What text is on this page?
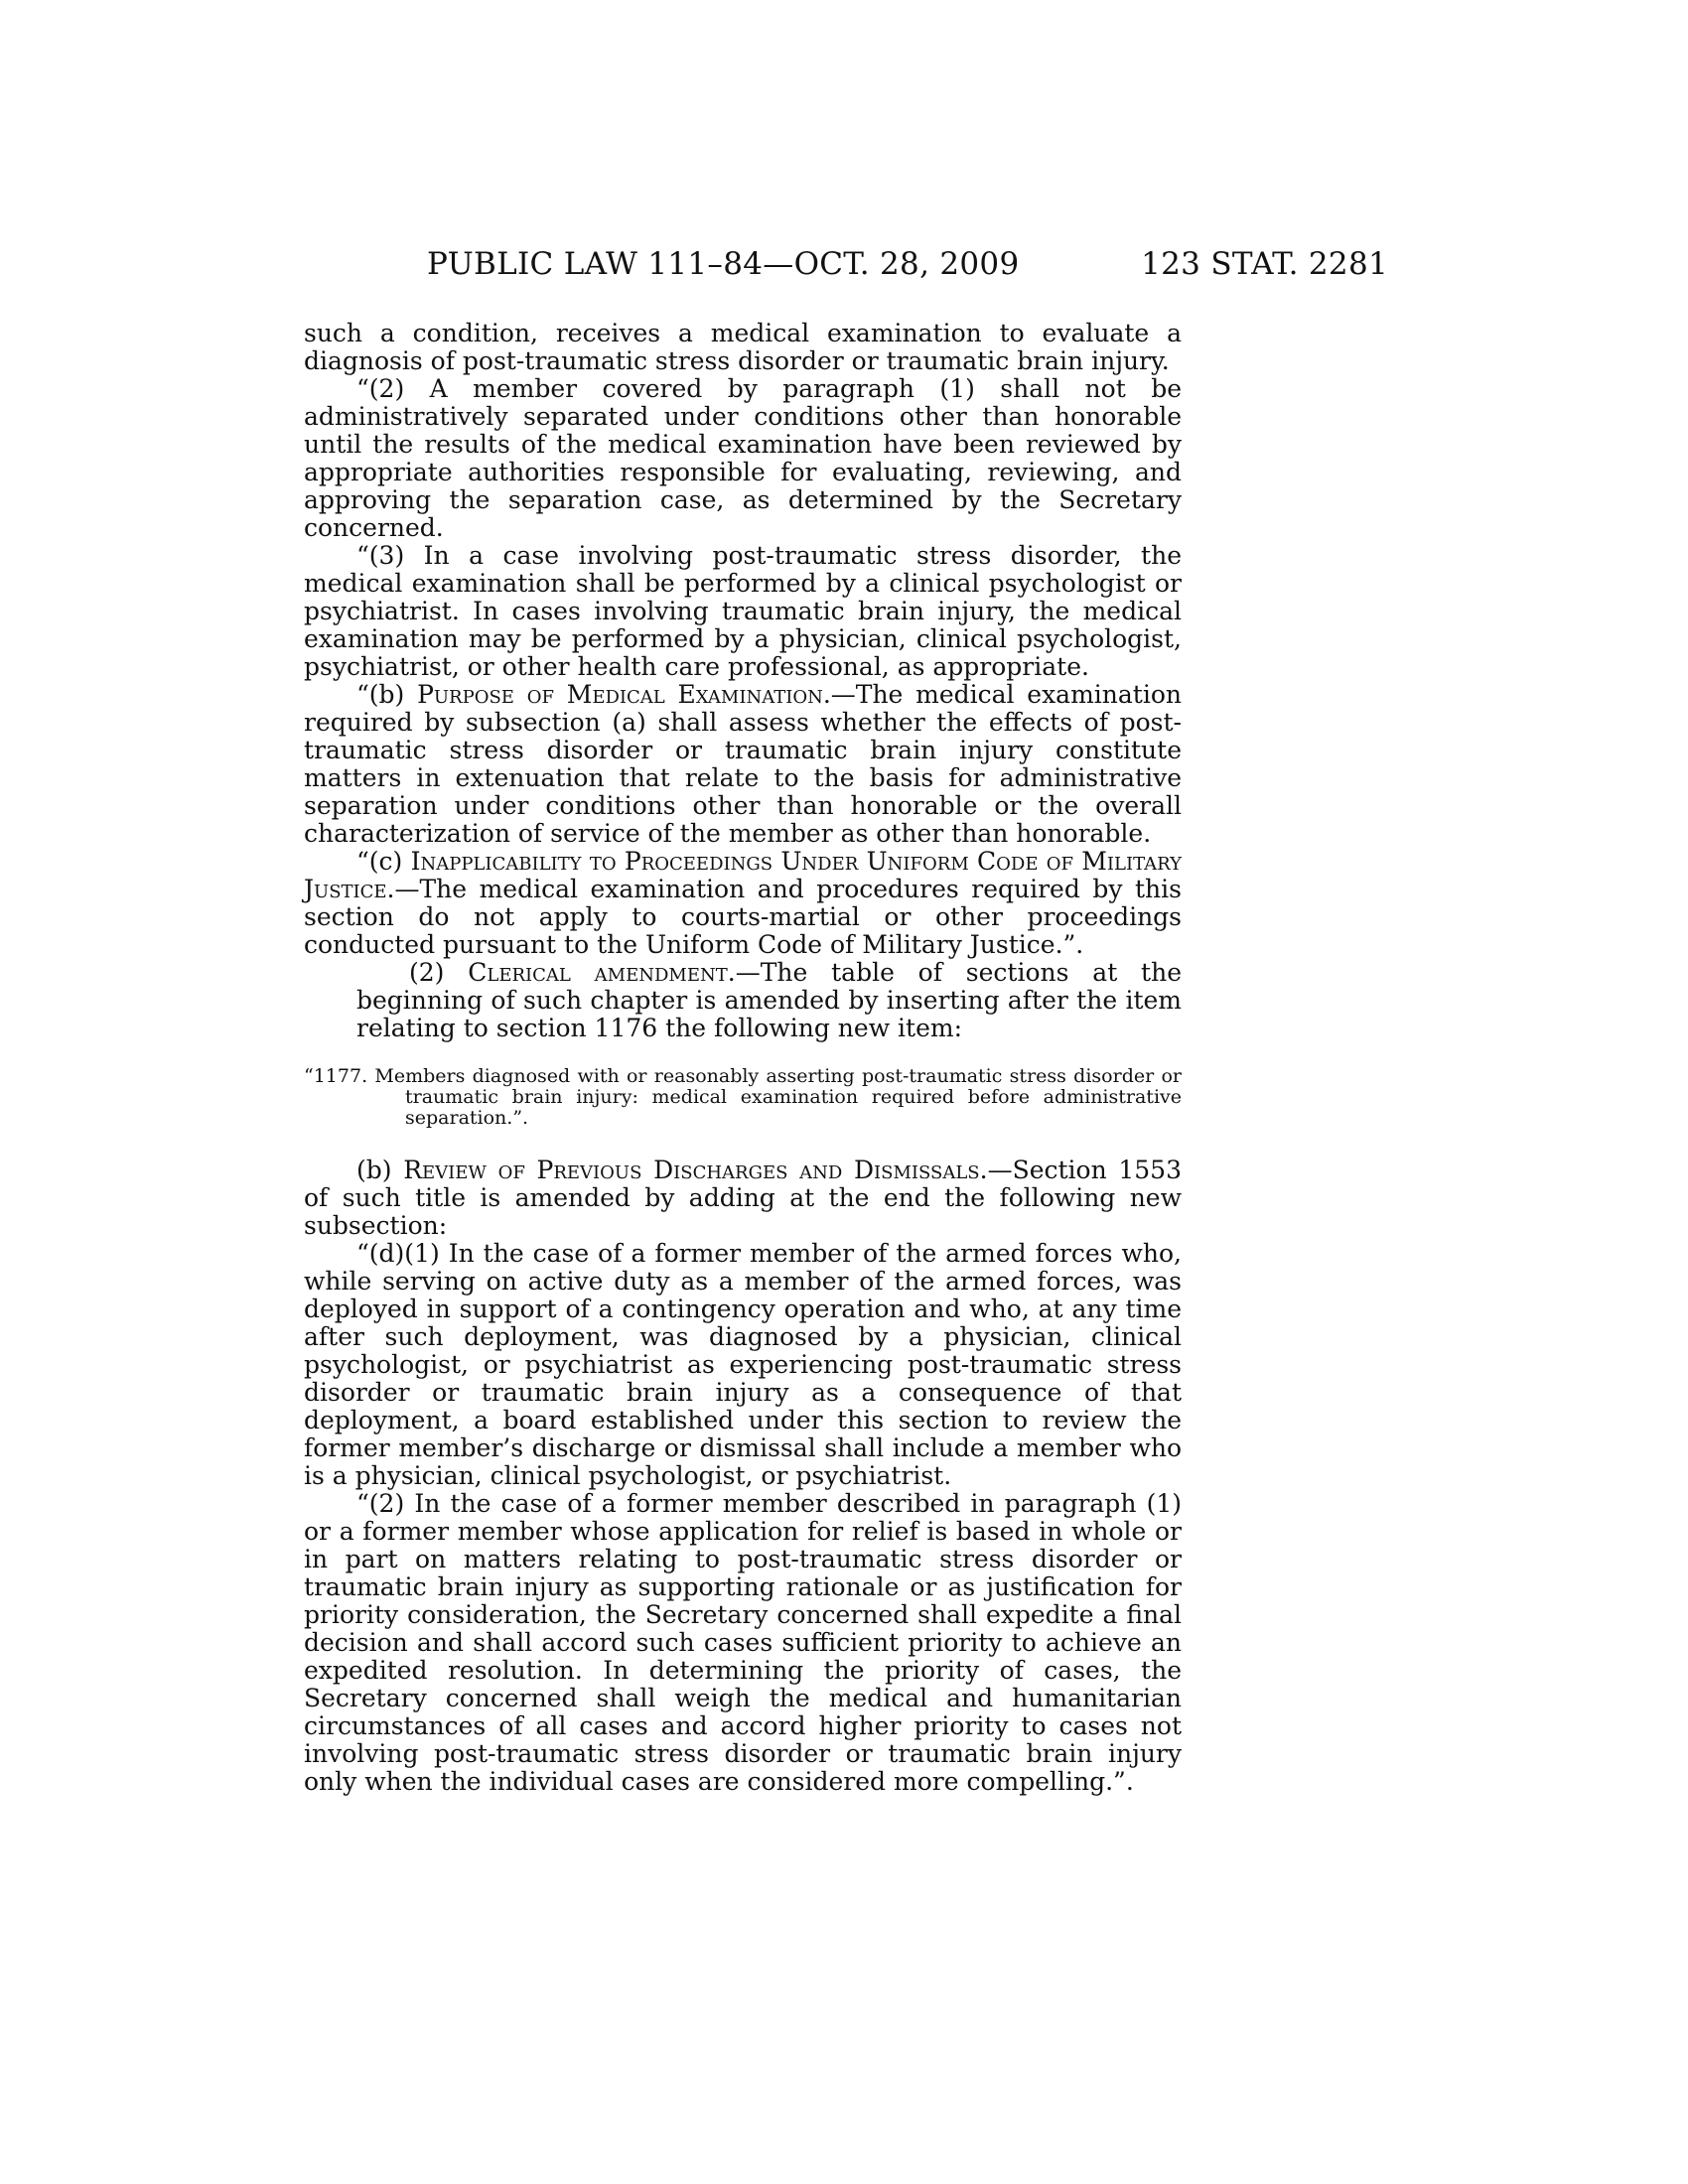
PUBLIC LAW 111–84—OCT. 28, 2009	123 STAT. 2281

such a condition, receives a medical examination to evaluate a diagnosis of post-traumatic stress disorder or traumatic brain injury.

“(2) A member covered by paragraph (1) shall not be administratively separated under conditions other than honorable until the results of the medical examination have been reviewed by appropriate authorities responsible for evaluating, reviewing, and approving the separation case, as determined by the Secretary concerned.

“(3) In a case involving post-traumatic stress disorder, the medical examination shall be performed by a clinical psychologist or psychiatrist. In cases involving traumatic brain injury, the medical examination may be performed by a physician, clinical psychologist, psychiatrist, or other health care professional, as appropriate.

“(b) Purpose of Medical Examination.—The medical examination required by subsection (a) shall assess whether the effects of post-traumatic stress disorder or traumatic brain injury constitute matters in extenuation that relate to the basis for administrative separation under conditions other than honorable or the overall characterization of service of the member as other than honorable.

“(c) Inapplicability to Proceedings Under Uniform Code of Military Justice.—The medical examination and procedures required by this section do not apply to courts-martial or other proceedings conducted pursuant to the Uniform Code of Military Justice.”.

(2) Clerical amendment.—The table of sections at the beginning of such chapter is amended by inserting after the item relating to section 1176 the following new item:

“1177. Members diagnosed with or reasonably asserting post-traumatic stress disorder or traumatic brain injury: medical examination required before administrative separation.”.

(b) Review of Previous Discharges and Dismissals.—Section 1553 of such title is amended by adding at the end the following new subsection:

“(d)(1) In the case of a former member of the armed forces who, while serving on active duty as a member of the armed forces, was deployed in support of a contingency operation and who, at any time after such deployment, was diagnosed by a physician, clinical psychologist, or psychiatrist as experiencing post-traumatic stress disorder or traumatic brain injury as a consequence of that deployment, a board established under this section to review the former member’s discharge or dismissal shall include a member who is a physician, clinical psychologist, or psychiatrist.

“(2) In the case of a former member described in paragraph (1) or a former member whose application for relief is based in whole or in part on matters relating to post-traumatic stress disorder or traumatic brain injury as supporting rationale or as justification for priority consideration, the Secretary concerned shall expedite a final decision and shall accord such cases sufficient priority to achieve an expedited resolution. In determining the priority of cases, the Secretary concerned shall weigh the medical and humanitarian circumstances of all cases and accord higher priority to cases not involving post-traumatic stress disorder or traumatic brain injury only when the individual cases are considered more compelling.”.
